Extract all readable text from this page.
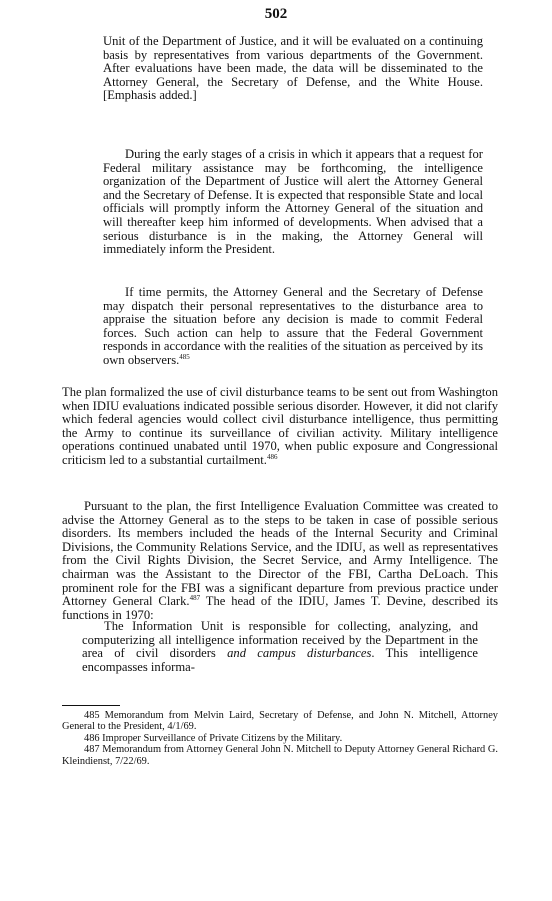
502

Unit of the Department of Justice, and it will be evaluated on a continuing basis by representatives from various departments of the Government. After evaluations have been made, the data will be disseminated to the Attorney General, the Secretary of Defense, and the White House. [Emphasis added.]

During the early stages of a crisis in which it appears that a request for Federal military assistance may be forthcoming, the intelligence organization of the Department of Justice will alert the Attorney General and the Secretary of Defense. It is expected that responsible State and local officials will promptly inform the Attorney General of the situation and will thereafter keep him informed of developments. When advised that a serious disturbance is in the making, the Attorney General will immediately inform the President.

If time permits, the Attorney General and the Secretary of Defense may dispatch their personal representatives to the disturbance area to appraise the situation before any decision is made to commit Federal forces. Such action can help to assure that the Federal Government responds in accordance with the realities of the situation as perceived by its own observers.$^{485}$

The plan formalized the use of civil disturbance teams to be sent out from Washington when IDIU evaluations indicated possible serious disorder. However, it did not clarify which federal agencies would collect civil disturbance intelligence, thus permitting the Army to continue its surveillance of civilian activity. Military intelligence operations continued unabated until 1970, when public exposure and Congressional criticism led to a substantial curtailment.$^{486}$

Pursuant to the plan, the first Intelligence Evaluation Committee was created to advise the Attorney General as to the steps to be taken in case of possible serious disorders. Its members included the heads of the Internal Security and Criminal Divisions, the Community Relations Service, and the IDIU, as well as representatives from the Civil Rights Division, the Secret Service, and Army Intelligence. The chairman was the Assistant to the Director of the FBI, Cartha DeLoach. This prominent role for the FBI was a significant departure from previous practice under Attorney General Clark.$^{487}$ The head of the IDIU, James T. Devine, described its functions in 1970:

The Information Unit is responsible for collecting, analyzing, and computerizing all intelligence information received by the Department in the area of civil disorders and campus disturbances. This intelligence encompasses informa-

485 Memorandum from Melvin Laird, Secretary of Defense, and John N. Mitchell, Attorney General to the President, 4/1/69.

486 Improper Surveillance of Private Citizens by the Military.

487 Memorandum from Attorney General John N. Mitchell to Deputy Attorney General Richard G. Kleindienst, 7/22/69.
